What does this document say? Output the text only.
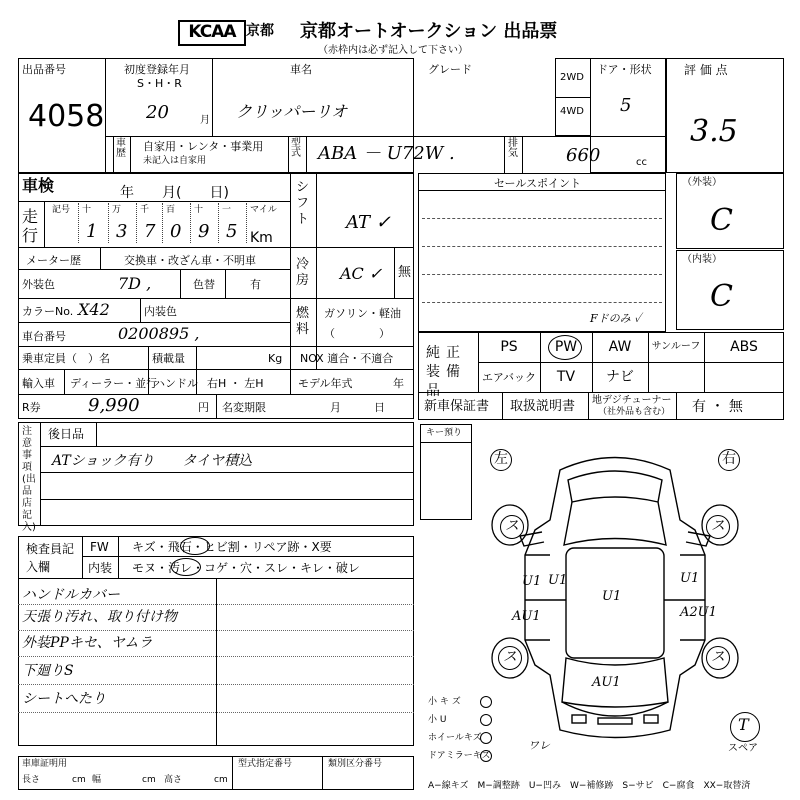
KCAA 京都 京都オートオークション 出品票
（赤枠内は必ず記入して下さい）
出品番号
4058
初度登録年月
S・H・R
20	月
車名
クリッパーリオ
グレード
2WD
4WD
ドア・形状
5
評 価 点
3.5
車歴
自家用・レンタ・事業用
未記入は自家用
型式 ABA － U72W .	排気	660	cc
車検	年　　月(　　日)
走行
記号 十 万 千 百 十 一 マイル
1 3 7 0 9 5 Km
メーター歴	交換車・改ざん車・不明車
外装色	7D ,	色替	有
カラーNo. X42	内装色
車台番号	0200895 ,
乗車定員（　）名	積載量	Kg NOX 適合・不適合
輸入車 ディーラー・並行
ハンドル 右H ・ 左H	モデル年式	年
R券	9,990	円 名変期限	月　　　日
シフト AT ✓
冷房 AC ✓ 無
燃料
ガソリン・軽油
（　　　　）
セールスポイント	（外装）
C
（内装）
C
Fドのみ ✓
純正装備品
PS	PW	AW	サンルーフ	ABS
エアバック	TV	ナビ
新車保証書 取扱説明書 地デジチューナー
（社外品も含む） 有 ・ 無
注意事項(出品店記入)
後日品
ATショック有り　　タイヤ積込
キー預り
検査員記入欄
FW キズ・飛石・ヒビ割・リペア跡・X要
内装 モヌ・汚レ・コゲ・穴・スレ・キレ・破レ
ハンドルカバー
天張り汚れ、取り付け物
外装PPキセ、ヤムラ
下廻りS
シートへたり
左	右
ス	ス
ス	ス
U1	U1
U1
U1
AU1	A2U1
AU1
T
スペア
ワレ
小 キ ズ
小 U
ホイールキズ
ドアミラーキズ
車庫証明用
長さ	cm 幅	cm 高さ	cm
型式指定番号	類別区分番号
A−線キズ　M−調整跡　U−凹み　W−補修跡　S−サビ　C−腐食　XX−取替済
